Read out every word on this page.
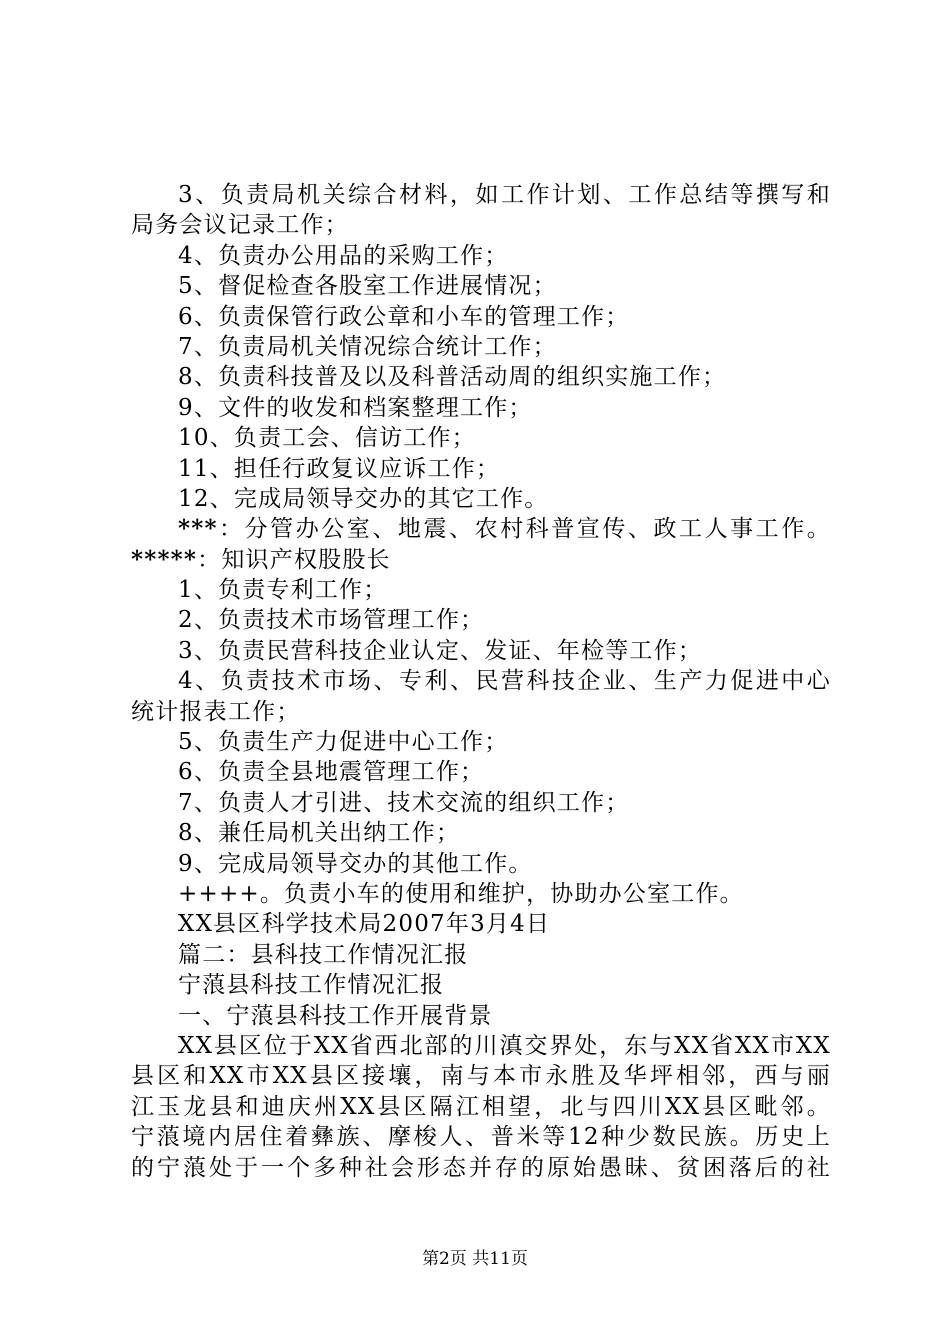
3、负责局机关综合材料，如工作计划、工作总结等撰写和
局务会议记录工作；
4、负责办公用品的采购工作；
5、督促检查各股室工作进展情况；
6、负责保管行政公章和小车的管理工作；
7、负责局机关情况综合统计工作；
8、负责科技普及以及科普活动周的组织实施工作；
9、文件的收发和档案整理工作；
10、负责工会、信访工作；
11、担任行政复议应诉工作；
12、完成局领导交办的其它工作。
***：分管办公室、地震、农村科普宣传、政工人事工作。
*****：知识产权股股长
1、负责专利工作；
2、负责技术市场管理工作；
3、负责民营科技企业认定、发证、年检等工作；
4、负责技术市场、专利、民营科技企业、生产力促进中心
统计报表工作；
5、负责生产力促进中心工作；
6、负责全县地震管理工作；
7、负责人才引进、技术交流的组织工作；
8、兼任局机关出纳工作；
9、完成局领导交办的其他工作。
++++。负责小车的使用和维护，协助办公室工作。
XX县区科学技术局2007年3月4日
篇二：县科技工作情况汇报
宁蒗县科技工作情况汇报
一、宁蒗县科技工作开展背景
XX县区位于XX省西北部的川滇交界处，东与XX省XX市XX
县区和XX市XX县区接壤，南与本市永胜及华坪相邻，西与丽
江玉龙县和迪庆州XX县区隔江相望，北与四川XX县区毗邻。
宁蒗境内居住着彝族、摩梭人、普米等12种少数民族。历史上
的宁蒗处于一个多种社会形态并存的原始愚昧、贫困落后的社
第2页 共11页
